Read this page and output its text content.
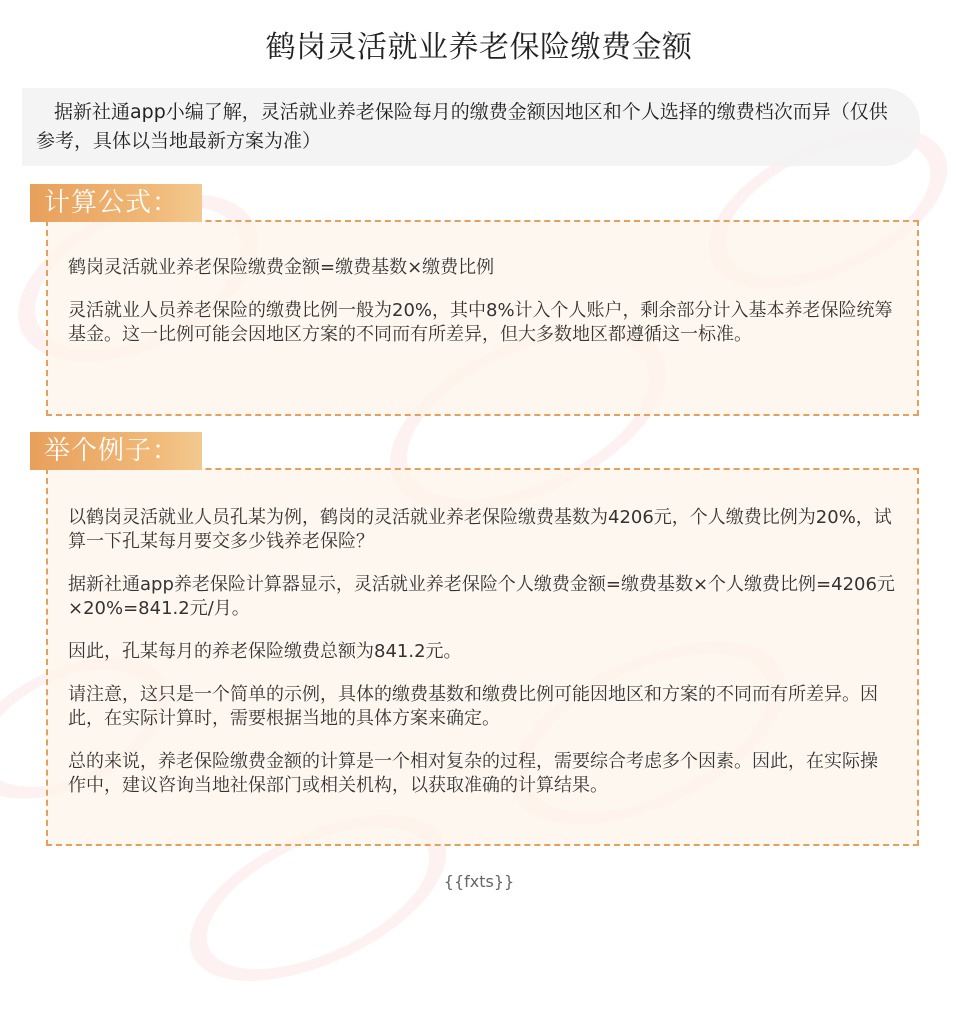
鹤岗灵活就业养老保险缴费金额
据新社通app小编了解，灵活就业养老保险每月的缴费金额因地区和个人选择的缴费档次而异（仅供参考，具体以当地最新方案为准）
计算公式：

鹤岗灵活就业养老保险缴费金额=缴费基数×缴费比例

灵活就业人员养老保险的缴费比例一般为20%，其中8%计入个人账户，剩余部分计入基本养老保险统筹基金。这一比例可能会因地区方案的不同而有所差异，但大多数地区都遵循这一标准。

举个例子：

以鹤岗灵活就业人员孔某为例，鹤岗的灵活就业养老保险缴费基数为4206元，个人缴费比例为20%，试算一下孔某每月要交多少钱养老保险？

据新社通app养老保险计算器显示，灵活就业养老保险个人缴费金额=缴费基数×个人缴费比例=4206元×20%=841.2元/月。

因此，孔某每月的养老保险缴费总额为841.2元。

请注意，这只是一个简单的示例，具体的缴费基数和缴费比例可能因地区和方案的不同而有所差异。因此，在实际计算时，需要根据当地的具体方案来确定。

总的来说，养老保险缴费金额的计算是一个相对复杂的过程，需要综合考虑多个因素。因此，在实际操作中，建议咨询当地社保部门或相关机构，以获取准确的计算结果。

{{fxts}}
